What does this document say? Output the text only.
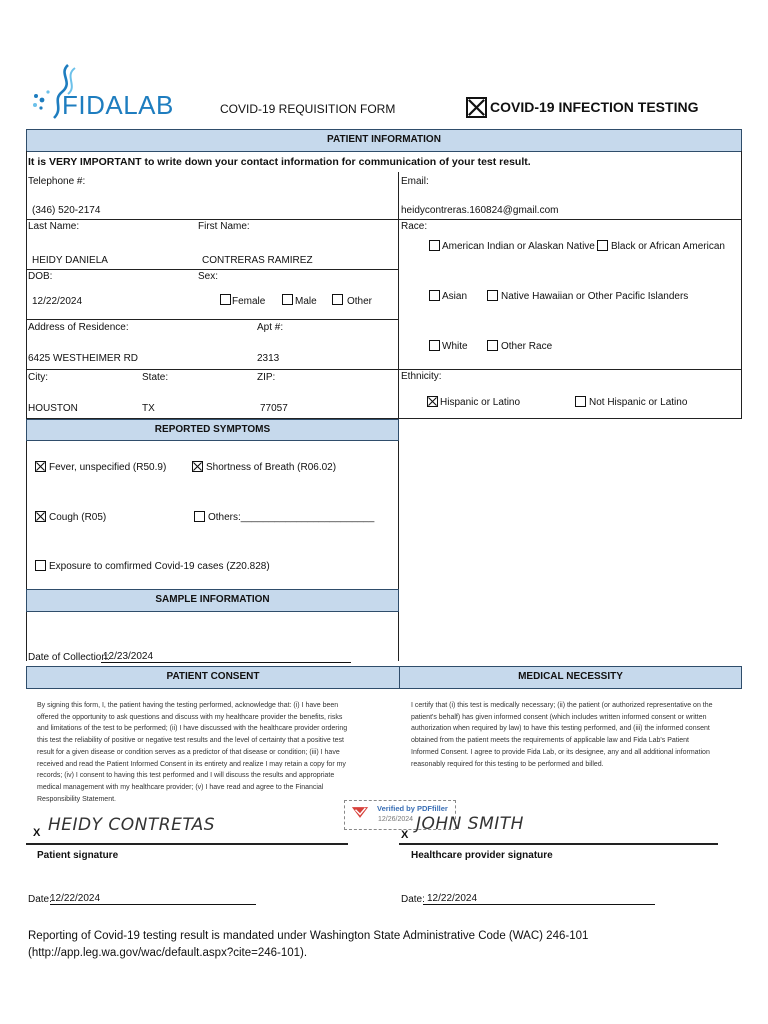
FIDALAB	COVID-19 REQUISITION FORM	COVID-19 INFECTION TESTING
PATIENT INFORMATION
It is VERY IMPORTANT to write down your contact information for communication of your test result.
Telephone #:
(346) 520-2174
Email:
heidycontreras.160824@gmail.com
Last Name:
HEIDY DANIELA
First Name:
CONTRERAS RAMIREZ
DOB:
12/22/2024
Sex:
Female	Male	Other
Address of Residence:
6425 WESTHEIMER RD
Apt #:
2313
City:
HOUSTON
State:
TX
ZIP:
77057
Race:
American Indian or Alaskan Native Black or African American
Asian	Native Hawaiian or Other Pacific Islanders
White	Other Race
Ethnicity:
Hispanic or Latino	Not Hispanic or Latino
REPORTED SYMPTOMS
Fever, unspecified (R50.9)	Shortness of Breath (R06.02)
Cough (R05)	Others:________________________
Exposure to comfirmed Covid-19 cases (Z20.828)
SAMPLE INFORMATION
Date of Collection:
12/23/2024
PATIENT CONSENT	MEDICAL NECESSITY
By signing this form, I, the patient having the testing performed, acknowledge that: (i) I have been offered the opportunity to ask questions and discuss with my healthcare provider the benefits, risks and limitations of the test to be performed; (ii) I have discussed with the healthcare provider ordering this test the reliability of positive or negative test results and the level of certainty that a positive test result for a given disease or condition serves as a predictor of that disease or condition; (iii) I have received and read the Patient Informed Consent in its entirety and realize I may retain a copy for my records; (iv) I consent to having this test performed and I will discuss the results and appropriate medical management with my healthcare provider; (v) I have read and agree to the Financial Responsibility Statement.
I certify that (i) this test is medically necessary; (ii) the patient (or authorized representative on the patient's behalf) has given informed consent (which includes written informed consent or written authorization when required by law) to have this testing performed, and (iii) the informed consent obtained from the patient meets the requirements of applicable law and Fida Lab's Patient Informed Consent. I agree to provide Fida Lab, or its designee, any and all additional information reasonably required for this testing to be performed and billed.
X HEIDY CONTRETAS
Patient signature
Verified by PDFfiller
12/26/2024
X
JOHN SMITH
Healthcare provider signature
Date:
12/22/2024	Date: 12/22/2024
Reporting of Covid-19 testing result is mandated under Washington State Administrative Code (WAC) 246-101
(http://app.leg.wa.gov/wac/default.aspx?cite=246-101).
